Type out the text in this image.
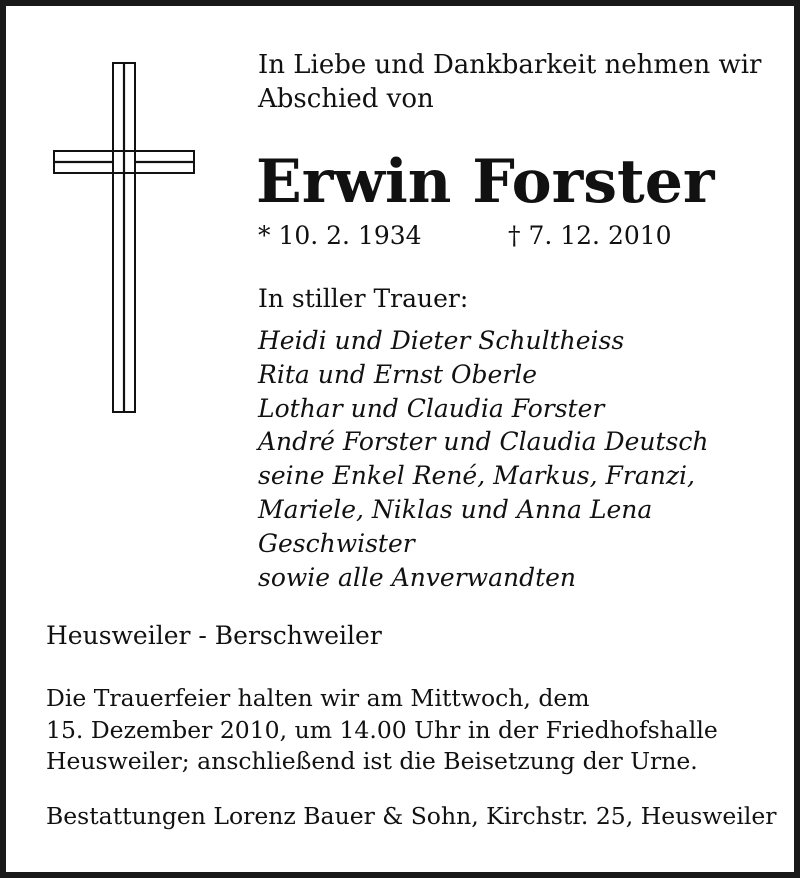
In Liebe und Dankbarkeit nehmen wir
Abschied von
Erwin Forster
* 10. 2. 1934	† 7. 12. 2010
In stiller Trauer:
Heidi und Dieter Schultheiss
Rita und Ernst Oberle
Lothar und Claudia Forster
André Forster und Claudia Deutsch
seine Enkel René, Markus, Franzi,
Mariele, Niklas und Anna Lena
Geschwister
sowie alle Anverwandten
Heusweiler - Berschweiler
Die Trauerfeier halten wir am Mittwoch, dem
15. Dezember 2010, um 14.00 Uhr in der Friedhofshalle
Heusweiler; anschließend ist die Beisetzung der Urne.
Bestattungen Lorenz Bauer & Sohn, Kirchstr. 25, Heusweiler
